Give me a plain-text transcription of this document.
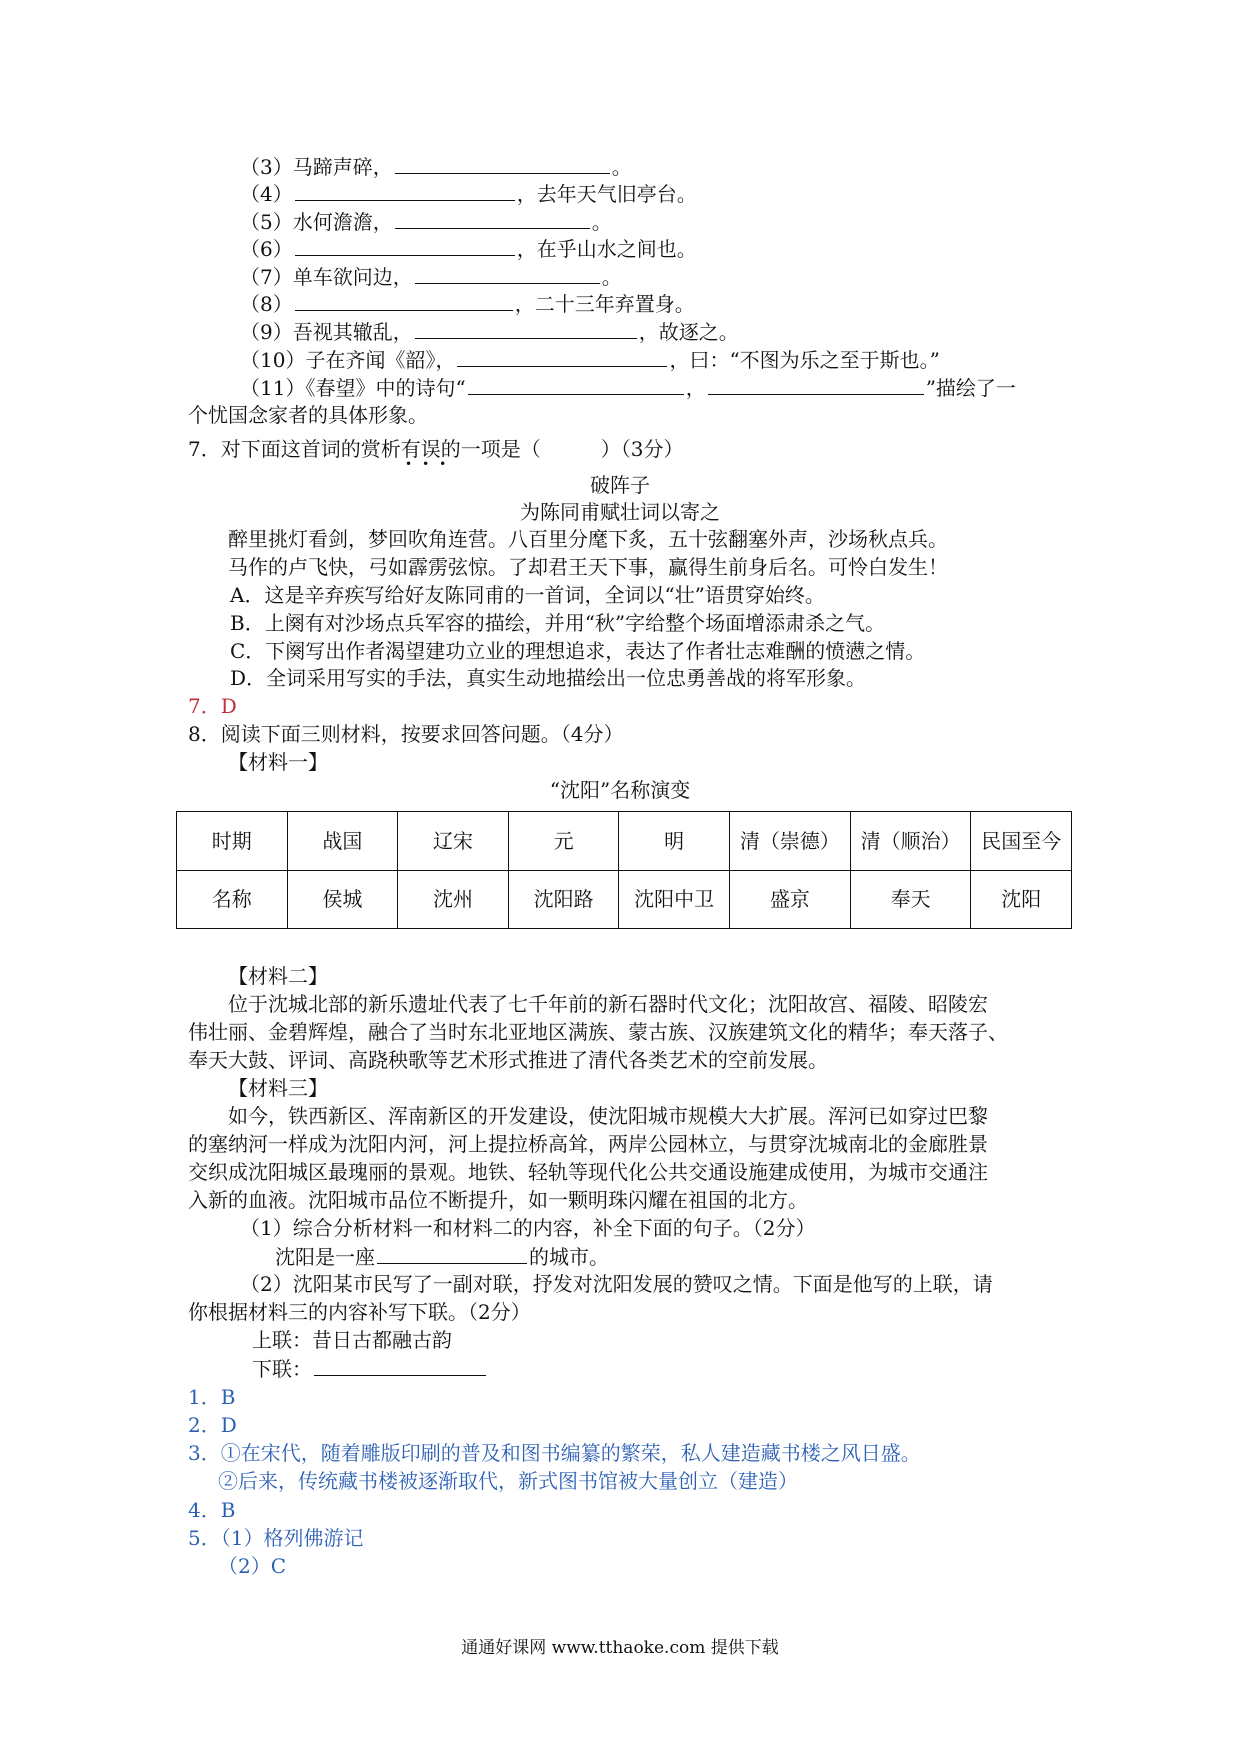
（3）马蹄声碎，	。
（4）	，去年天气旧亭台。
（5）水何澹澹，	。
（6）	，在乎山水之间也。
（7）单车欲问边，	。
（8）	，二十三年弃置身。
（9）吾视其辙乱，	，故逐之。
（10）子在齐闻《韶》，	，曰：“不图为乐之至于斯也。”
（11）《春望》中的诗句“	，	”描绘了一
个忧国念家者的具体形象。
7．对下面这首词的赏析有误的一项是（　　　）（3分）
•••
破阵子
为陈同甫赋壮词以寄之
醉里挑灯看剑，梦回吹角连营。八百里分麾下炙，五十弦翻塞外声，沙场秋点兵。
马作的卢飞快，弓如霹雳弦惊。了却君王天下事，赢得生前身后名。可怜白发生！
A．这是辛弃疾写给好友陈同甫的一首词，全词以“壮”语贯穿始终。
B．上阕有对沙场点兵军容的描绘，并用“秋”字给整个场面增添肃杀之气。
C．下阕写出作者渴望建功立业的理想追求，表达了作者壮志难酬的愤懑之情。
D．全词采用写实的手法，真实生动地描绘出一位忠勇善战的将军形象。
7．D
8．阅读下面三则材料，按要求回答问题。（4分）
【材料一】
“沈阳”名称演变
时期	战国	辽宋	元	明	清（崇德）	清（顺治）	民国至今
名称	侯城	沈州	沈阳路	沈阳中卫	盛京	奉天	沈阳
【材料二】
位于沈城北部的新乐遗址代表了七千年前的新石器时代文化；沈阳故宫、福陵、昭陵宏
伟壮丽、金碧辉煌，融合了当时东北亚地区满族、蒙古族、汉族建筑文化的精华；奉天落子、
奉天大鼓、评词、高跷秧歌等艺术形式推进了清代各类艺术的空前发展。
【材料三】
如今，铁西新区、浑南新区的开发建设，使沈阳城市规模大大扩展。浑河已如穿过巴黎
的塞纳河一样成为沈阳内河，河上提拉桥高耸，两岸公园林立，与贯穿沈城南北的金廊胜景
交织成沈阳城区最瑰丽的景观。地铁、轻轨等现代化公共交通设施建成使用，为城市交通注
入新的血液。沈阳城市品位不断提升，如一颗明珠闪耀在祖国的北方。
（1）综合分析材料一和材料二的内容，补全下面的句子。（2分）
沈阳是一座	的城市。
（2）沈阳某市民写了一副对联，抒发对沈阳发展的赞叹之情。下面是他写的上联，请
你根据材料三的内容补写下联。（2分）
上联：昔日古都融古韵
下联：
1．B
2．D
3．①在宋代，随着雕版印刷的普及和图书编纂的繁荣，私人建造藏书楼之风日盛。
②后来，传统藏书楼被逐渐取代，新式图书馆被大量创立（建造）
4．B
5．（1）格列佛游记
（2）C
通通好课网 www.tthaoke.com 提供下载
